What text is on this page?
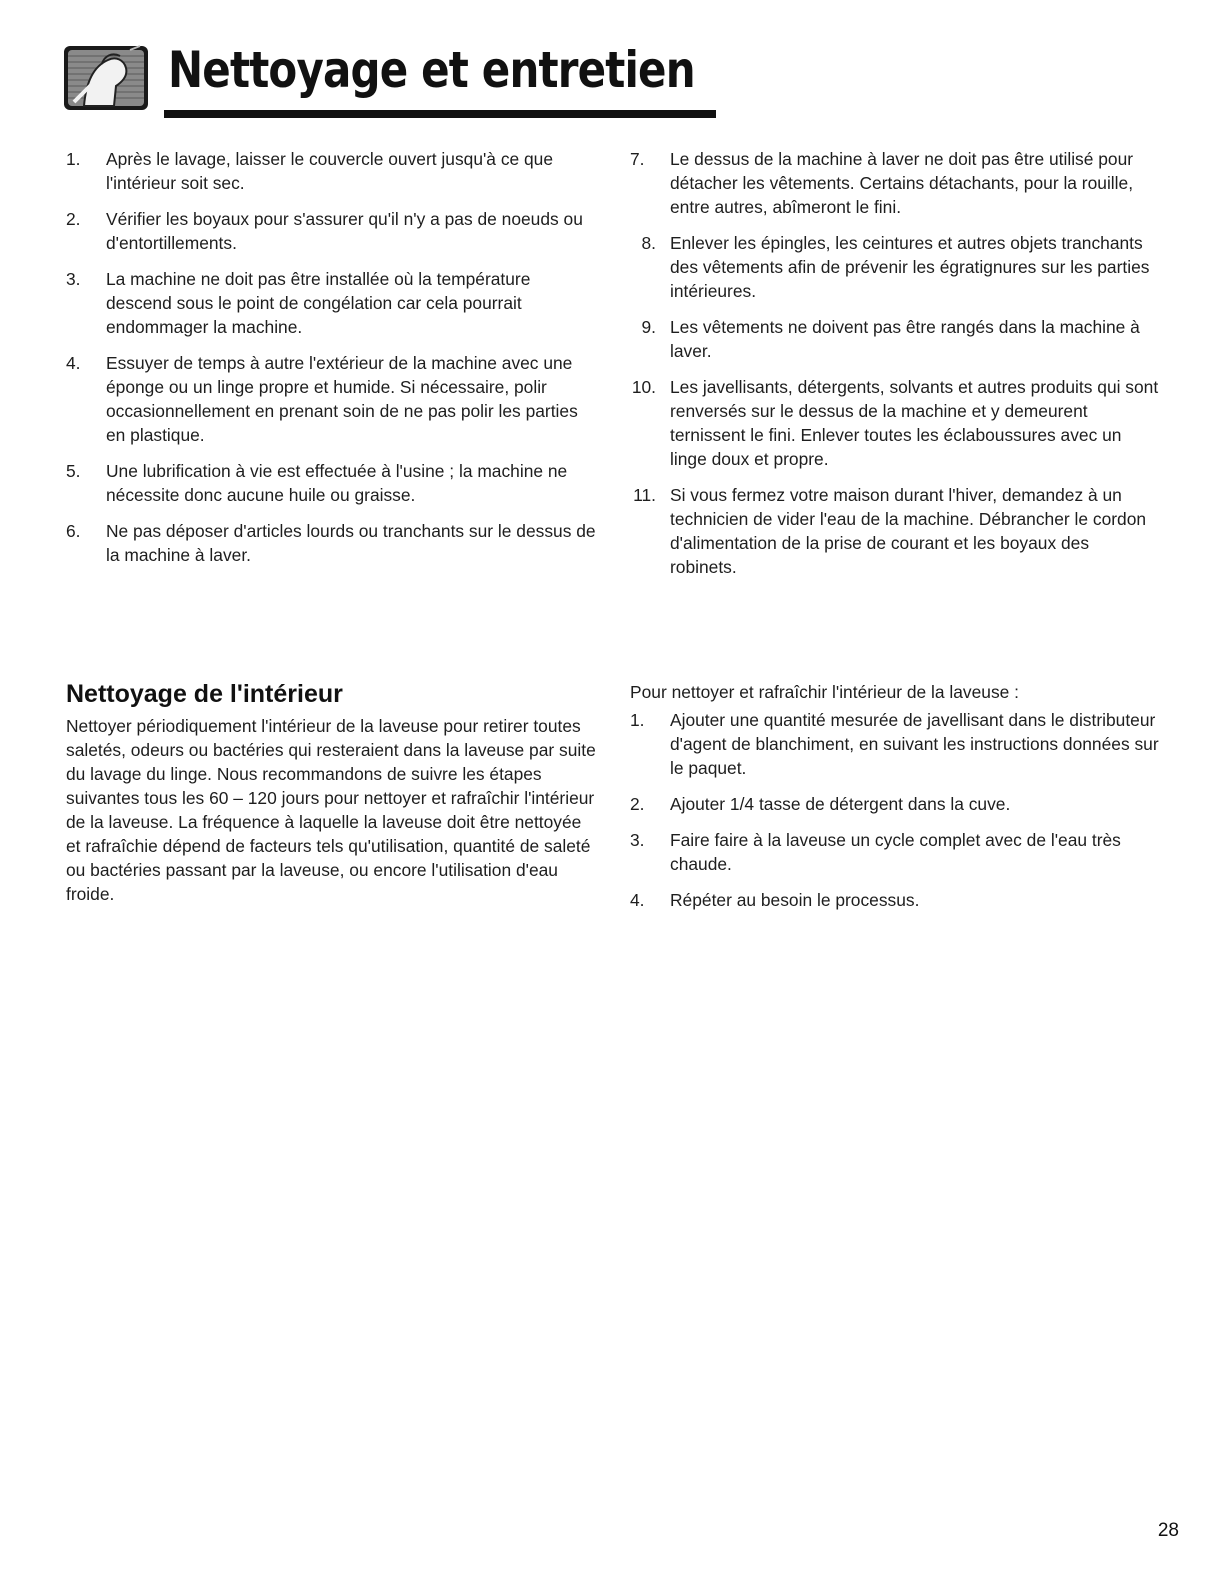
Nettoyage et entretien
1.	Après le lavage, laisser le couvercle ouvert jusqu'à ce que l'intérieur soit sec.
2.	Vérifier les boyaux pour s'assurer qu'il n'y a pas de noeuds ou d'entortillements.
3.	La machine ne doit pas être installée où la température descend sous le point de congélation car cela pourrait endommager la machine.
4.	Essuyer de temps à autre l'extérieur de la machine avec une éponge ou un linge propre et humide. Si nécessaire, polir occasionnellement en prenant soin de ne pas polir les parties en plastique.
5.	Une lubrification à vie est effectuée à l'usine ; la machine ne nécessite donc aucune huile ou graisse.
6.	Ne pas déposer d'articles lourds ou tranchants sur le dessus de la machine à laver.
7.	Le dessus de la machine à laver ne doit pas être utilisé pour détacher les vêtements. Certains détachants, pour la rouille, entre autres, abîmeront le fini.
8. Enlever les épingles, les ceintures et autres objets tranchants des vêtements afin de prévenir les égratignures sur les parties intérieures.
9. Les vêtements ne doivent pas être rangés dans la machine à laver.
10. Les javellisants, détergents, solvants et autres produits qui sont renversés sur le dessus de la machine et y demeurent ternissent le fini. Enlever toutes les éclaboussures avec un linge doux et propre.
11. Si vous fermez votre maison durant l'hiver, demandez à un technicien de vider l'eau de la machine. Débrancher le cordon d'alimentation de la prise de courant et les boyaux des robinets.
Nettoyage de l'intérieur

Nettoyer périodiquement l'intérieur de la laveuse pour retirer toutes saletés, odeurs ou bactéries qui resteraient dans la laveuse par suite du lavage du linge. Nous recommandons de suivre les étapes suivantes tous les 60 – 120 jours pour nettoyer et rafraîchir l'intérieur de la laveuse. La fréquence à laquelle la laveuse doit être nettoyée et rafraîchie dépend de facteurs tels qu'utilisation, quantité de saleté ou bactéries passant par la laveuse, ou encore l'utilisation d'eau froide.

Pour nettoyer et rafraîchir l'intérieur de la laveuse :

1.	Ajouter une quantité mesurée de javellisant dans le distributeur d'agent de blanchiment, en suivant les instructions données sur le paquet.
2.	Ajouter 1/4 tasse de détergent dans la cuve.
3.	Faire faire à la laveuse un cycle complet avec de l'eau très chaude.
4.	Répéter au besoin le processus.
28
